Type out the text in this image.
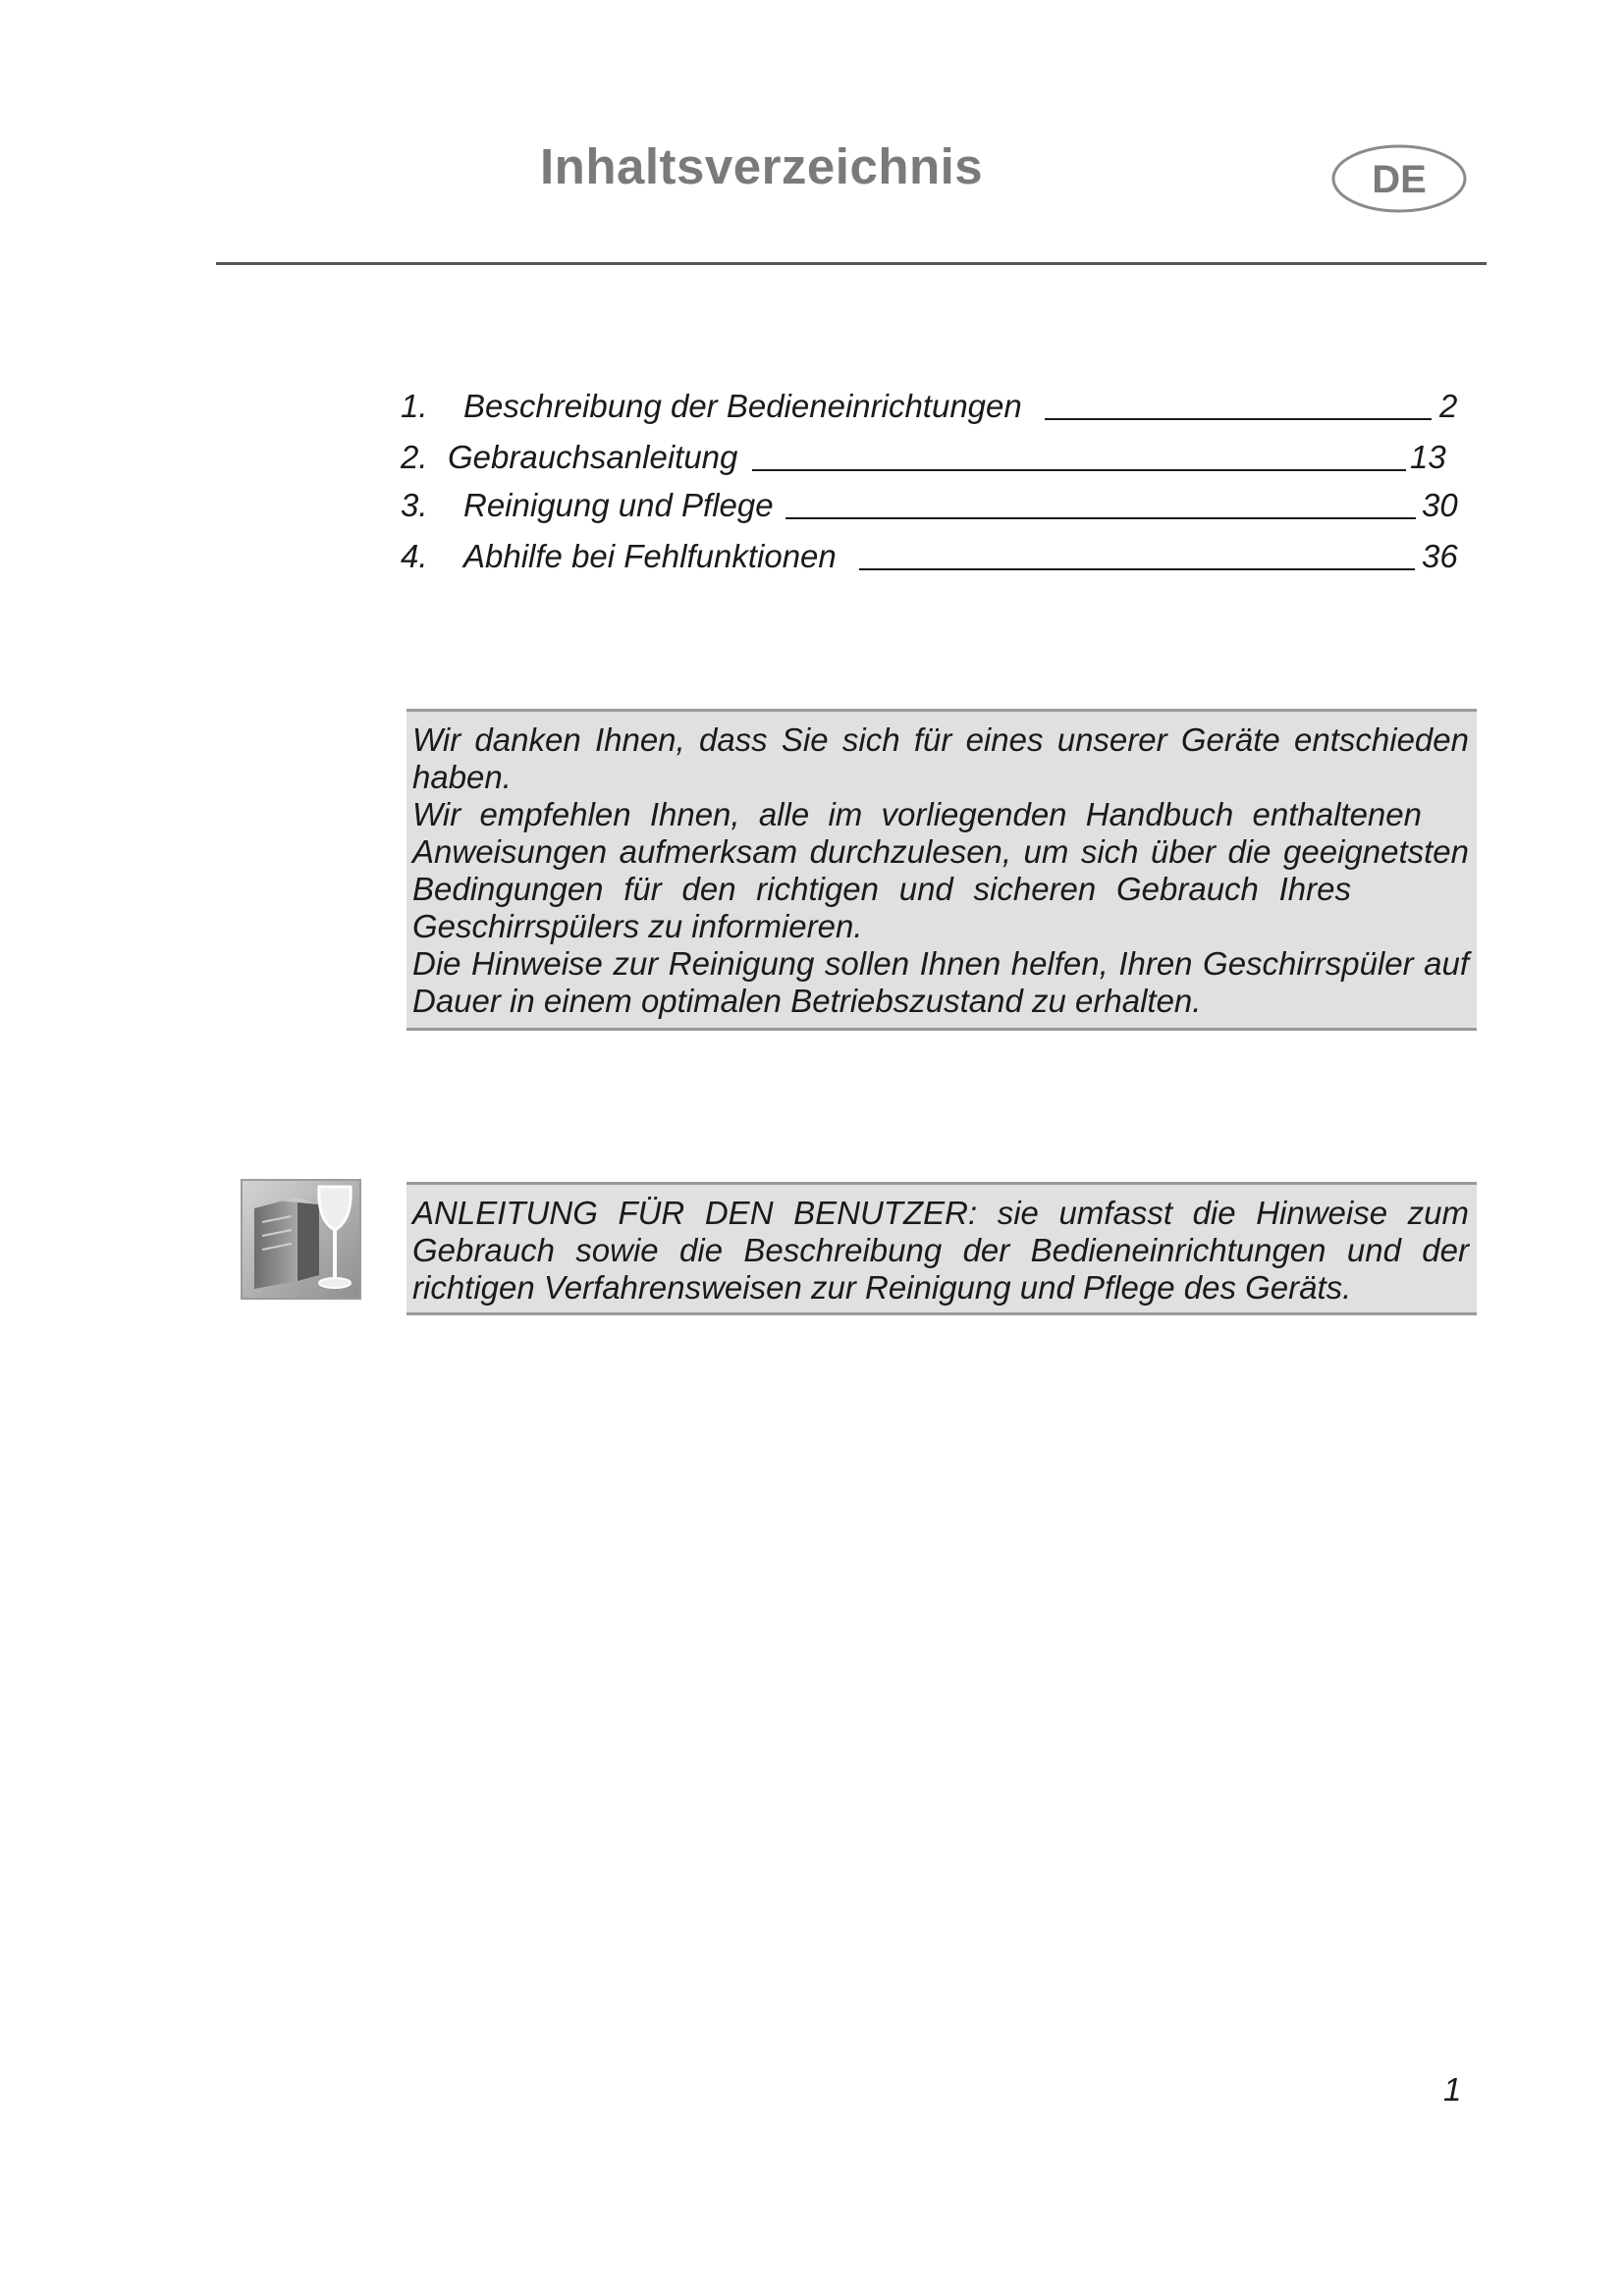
Inhaltsverzeichnis	DE
1. Beschreibung der Bedieneinrichtungen	2
2. Gebrauchsanleitung	13
3. Reinigung und Pflege	30
4. Abhilfe bei Fehlfunktionen	36

Wir danken Ihnen, dass Sie sich für eines unserer Geräte entschieden

haben.

Wir empfehlen Ihnen, alle im vorliegenden Handbuch enthaltenen

Anweisungen aufmerksam durchzulesen, um sich über die geeignetsten

Bedingungen für den richtigen und sicheren Gebrauch Ihres

Geschirrspülers zu informieren.

Die Hinweise zur Reinigung sollen Ihnen helfen, Ihren Geschirrspüler auf

Dauer in einem optimalen Betriebszustand zu erhalten.

ANLEITUNG FÜR DEN BENUTZER: sie umfasst die Hinweise zum

Gebrauch sowie die Beschreibung der Bedieneinrichtungen und der

richtigen Verfahrensweisen zur Reinigung und Pflege des Geräts.

1
